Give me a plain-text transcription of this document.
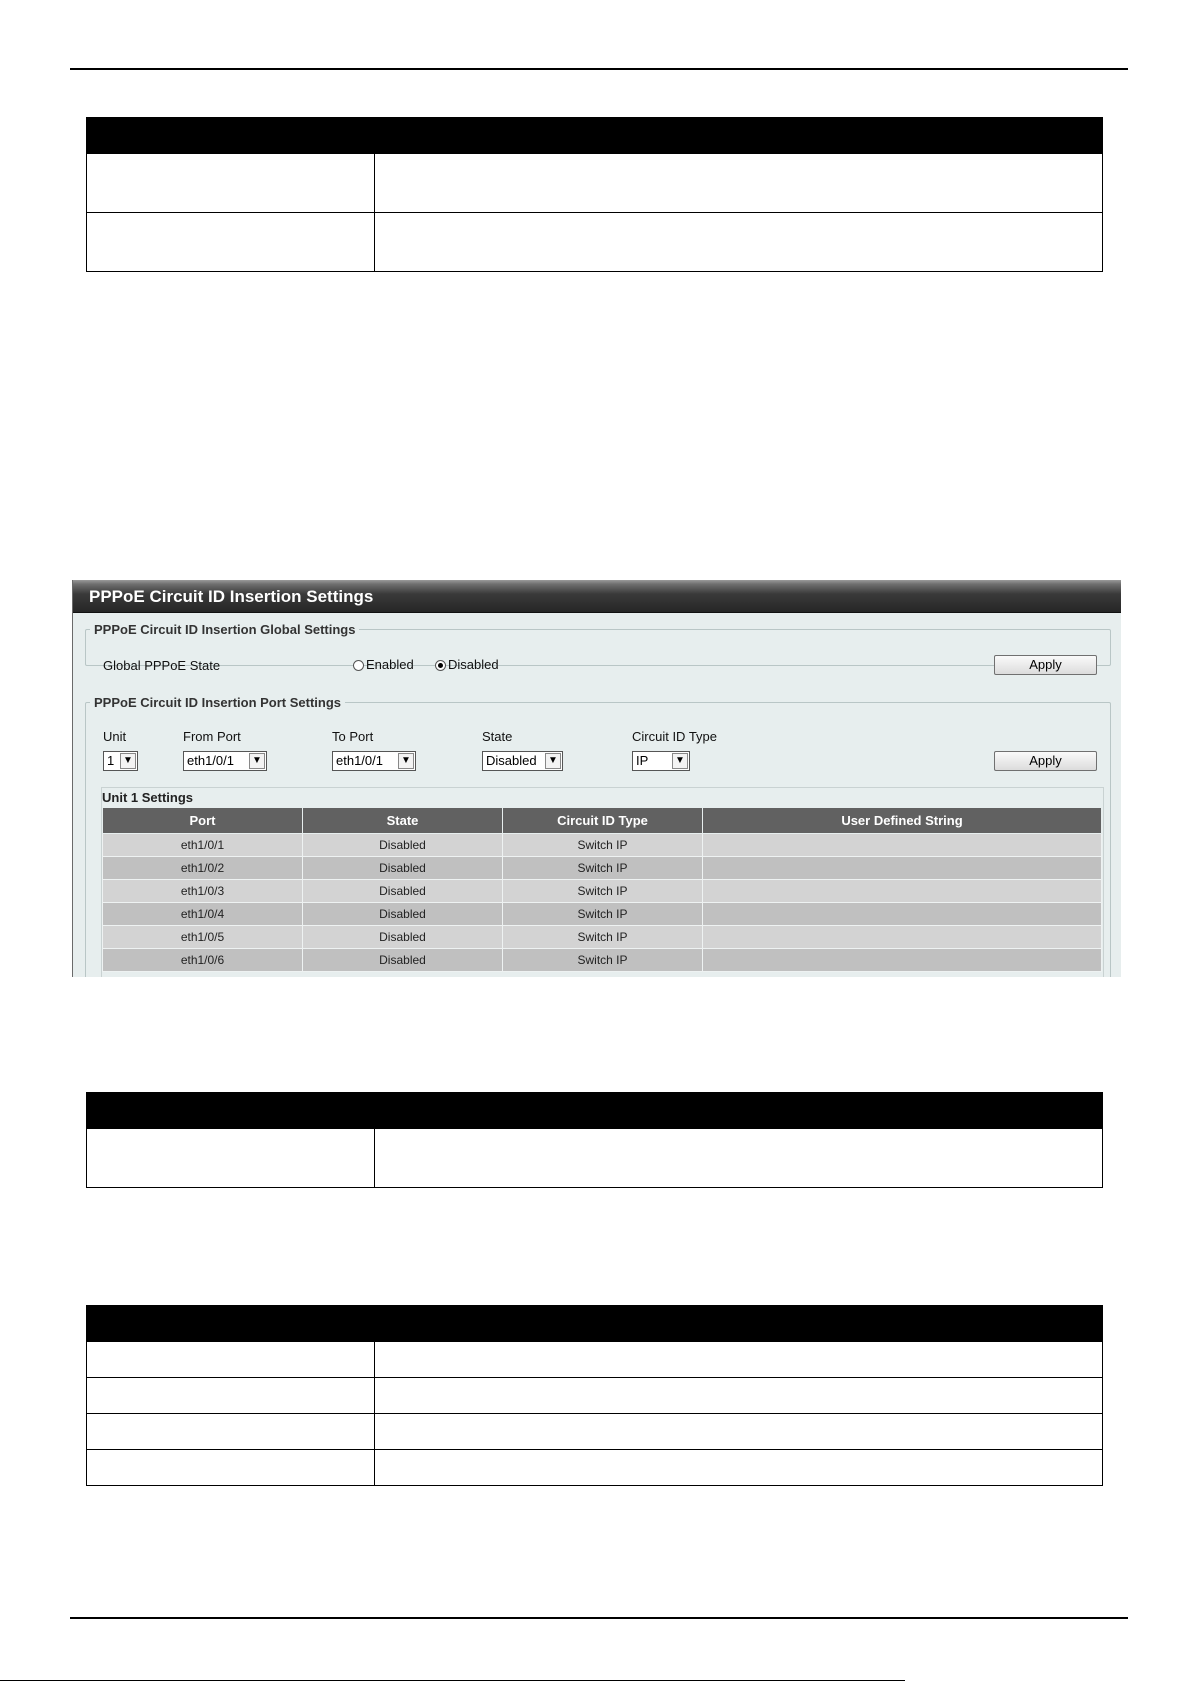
PPPoE Circuit ID Insertion Settings
PPPoE Circuit ID Insertion Global Settings
Global PPPoE State	Enabled	Disabled	Apply
PPPoE Circuit ID Insertion Port Settings
Unit	From Port	To Port	State	Circuit ID Type
1 ▼	eth1/0/1	▼	eth1/0/1	▼	Disabled	▼	IP	▼	Apply
Unit 1 Settings
Port	State	Circuit ID Type	User Defined String
eth1/0/1	Disabled	Switch IP	
eth1/0/2	Disabled	Switch IP	
eth1/0/3	Disabled	Switch IP	
eth1/0/4	Disabled	Switch IP	
eth1/0/5	Disabled	Switch IP	
eth1/0/6	Disabled	Switch IP	
